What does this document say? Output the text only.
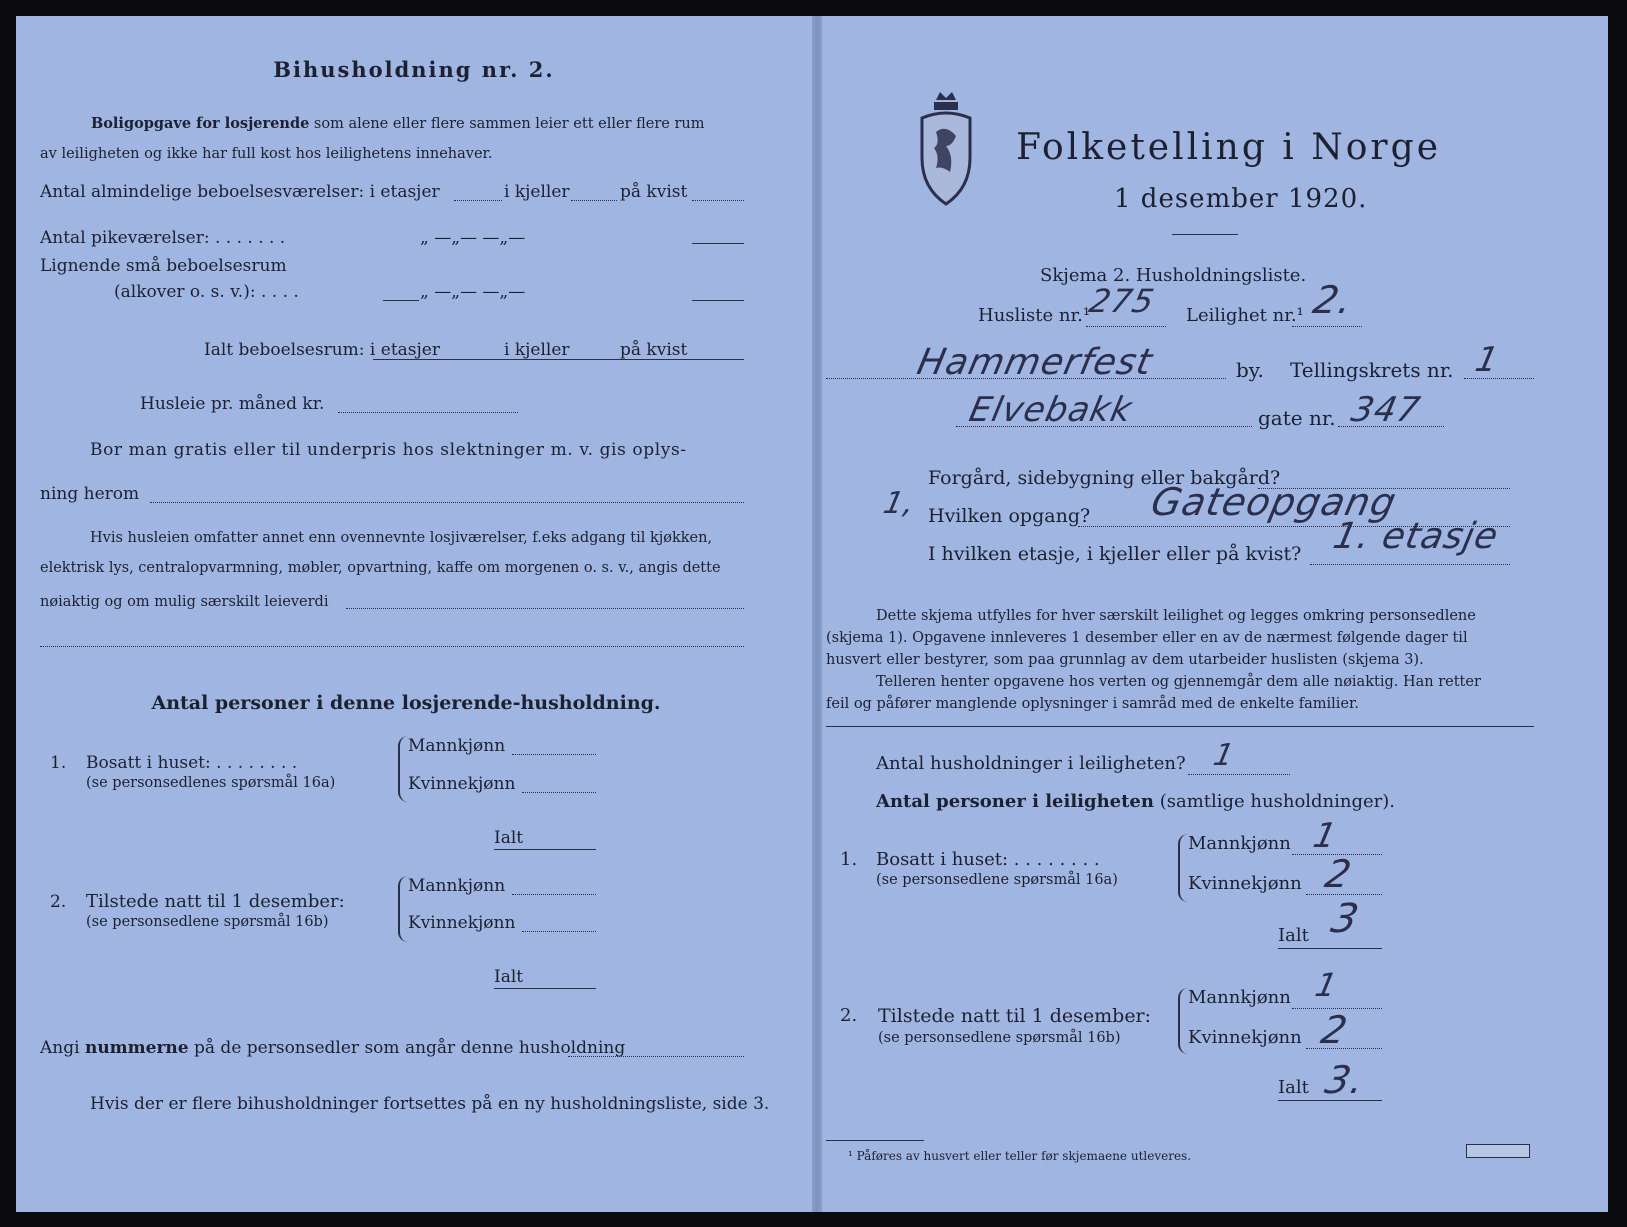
Bihusholdning nr. 2.
Boligopgave for losjerende som alene eller flere sammen leier ett eller flere rum
av leiligheten og ikke har full kost hos leilighetens innehaver.
Antal almindelige beboelsesværelser: i etasjer	i kjeller	på kvist
Antal pikeværelser: . . . . . . .	„ —„— —„—
Lignende små beboelsesrum
(alkover o. s. v.): . . . .	„ —„— —„—
Ialt beboelsesrum: i etasjer	i kjeller	på kvist
Husleie pr. måned kr.
Bor man gratis eller til underpris hos slektninger m. v. gis oplys-
ning herom
Hvis husleien omfatter annet enn ovennevnte losjiværelser, f.eks adgang til kjøkken,
elektrisk lys, centralopvarmning, møbler, opvartning, kaffe om morgenen o. s. v., angis dette
nøiaktig og om mulig særskilt leieverdi
Antal personer i denne losjerende-husholdning.
1. Bosatt i huset: . . . . . . . .
(se personsedlenes spørsmål 16a)
Mannkjønn
Kvinnekjønn
Ialt
2. Tilstede natt til 1 desember:
(se personsedlene spørsmål 16b)
Mannkjønn
Kvinnekjønn
Ialt
Angi nummerne på de personsedler som angår denne husholdning
Hvis der er flere bihusholdninger fortsettes på en ny husholdningsliste, side 3.
Folketelling i Norge
1 desember 1920.
Skjema 2. Husholdningsliste.
Husliste nr.¹
275 Leilighet nr.¹ 2.
Hammerfest	by. Tellingskrets nr. 1
Elvebakk	gate nr. 347
Forgård, sidebygning eller bakgård?
1, Hvilken opgang? Gateopgang
I hvilken etasje, i kjeller eller på kvist? 1. etasje
Dette skjema utfylles for hver særskilt leilighet og legges omkring personsedlene
(skjema 1). Opgavene innleveres 1 desember eller en av de nærmest følgende dager til
husvert eller bestyrer, som paa grunnlag av dem utarbeider huslisten (skjema 3).
Telleren henter opgavene hos verten og gjennemgår dem alle nøiaktig. Han retter
feil og påfører manglende oplysninger i samråd med de enkelte familier.
Antal husholdninger i leiligheten? 1
Antal personer i leiligheten (samtlige husholdninger).
1. Bosatt i huset: . . . . . . . .
(se personsedlene spørsmål 16a)
Mannkjønn 1
Kvinnekjønn 2
Ialt 3
2. Tilstede natt til 1 desember:
(se personsedlene spørsmål 16b)
Mannkjønn 1
Kvinnekjønn 2
Ialt 3.
¹ Påføres av husvert eller teller før skjemaene utleveres.
